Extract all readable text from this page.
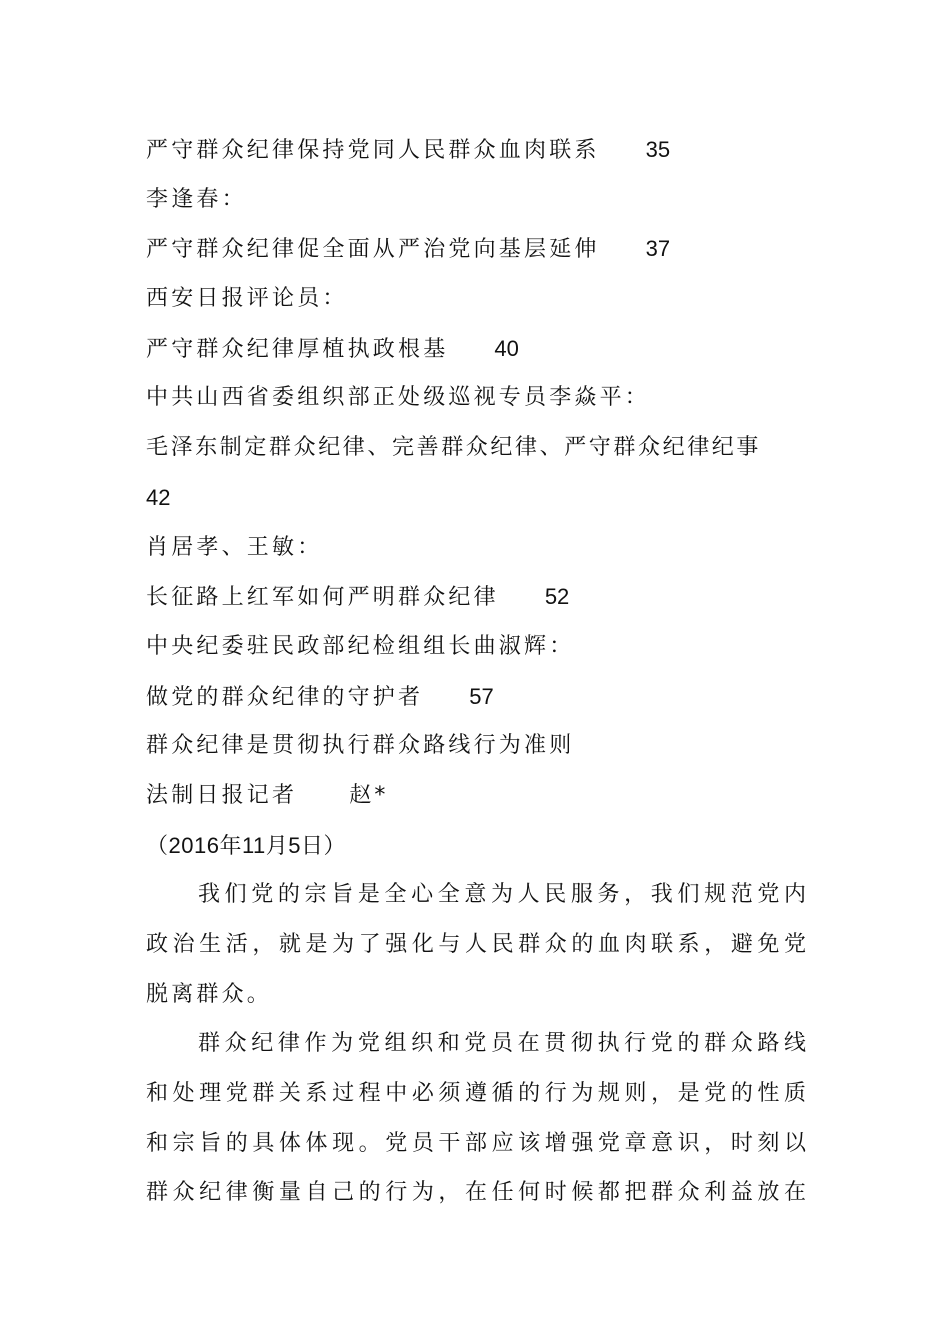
严守群众纪律保持党同人民群众血肉联系 35
李逢春：
严守群众纪律促全面从严治党向基层延伸 37
西安日报评论员：
严守群众纪律厚植执政根基 40
中共山西省委组织部正处级巡视专员李焱平：
毛泽东制定群众纪律、完善群众纪律、严守群众纪律纪事
42
肖居孝、王敏：
长征路上红军如何严明群众纪律 52
中央纪委驻民政部纪检组组长曲淑辉：
做党的群众纪律的守护者 57
群众纪律是贯彻执行群众路线行为准则
法制日报记者 赵*
（2016年11月5日）
我们党的宗旨是全心全意为人民服务，我们规范党内
政治生活，就是为了强化与人民群众的血肉联系，避免党
脱离群众。
群众纪律作为党组织和党员在贯彻执行党的群众路线
和处理党群关系过程中必须遵循的行为规则，是党的性质
和宗旨的具体体现。党员干部应该增强党章意识，时刻以
群众纪律衡量自己的行为，在任何时候都把群众利益放在
